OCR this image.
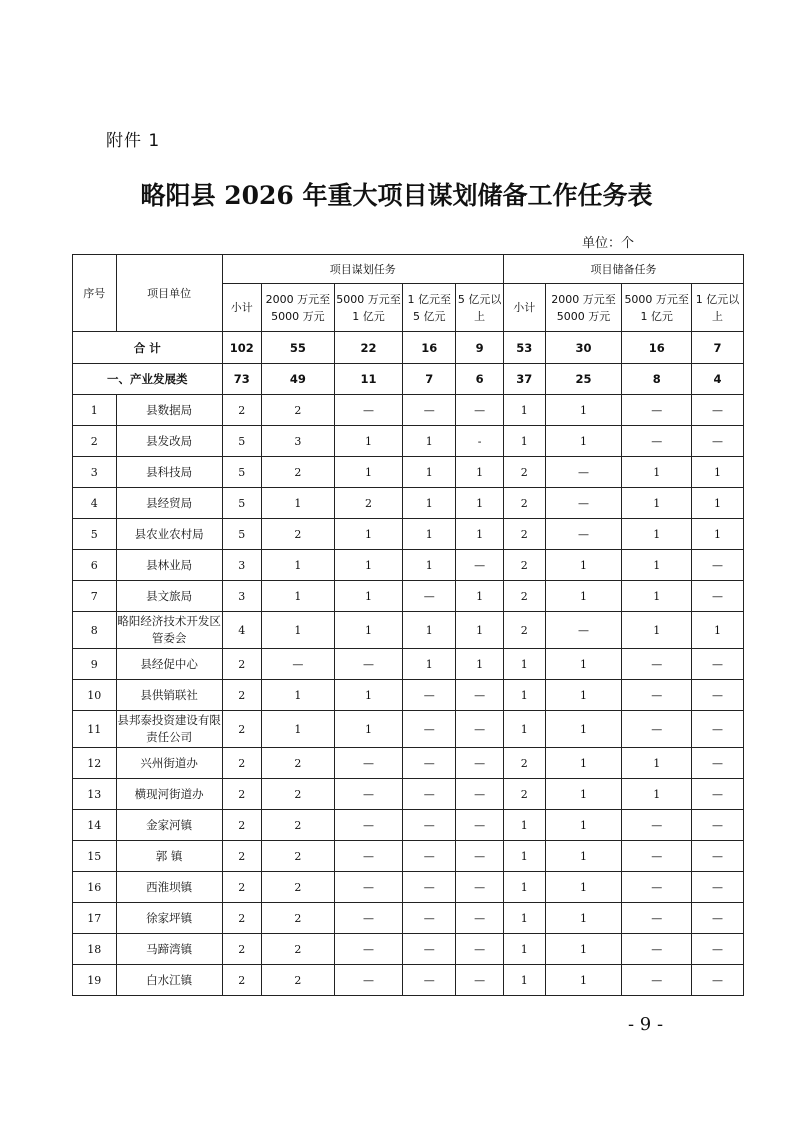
附件 1
略阳县 2026 年重大项目谋划储备工作任务表
单位：个
序号	项目单位	项目谋划任务					项目储备任务			
		小计	2000 万元至 5000 万元	5000 万元至 1 亿元	1 亿元至 5 亿元	5 亿元以上	小计	2000 万元至 5000 万元	5000 万元至 1 亿元	1 亿元以上
合 计		102	55	22	16	9	53	30	16	7
一、产业发展类		73	49	11	7	6	37	25	8	4
1	县数据局	2	2	—	—	—	1	1	—	—
2	县发改局	5	3	1	1	-	1	1	—	—
3	县科技局	5	2	1	1	1	2	—	1	1
4	县经贸局	5	1	2	1	1	2	—	1	1
5	县农业农村局	5	2	1	1	1	2	—	1	1
6	县林业局	3	1	1	1	—	2	1	1	—
7	县文旅局	3	1	1	—	1	2	1	1	—
8	略阳经济技术开发区管委会	4	1	1	1	1	2	—	1	1
9	县经促中心	2	—	—	1	1	1	1	—	—
10	县供销联社	2	1	1	—	—	1	1	—	—
11	县邦泰投资建设有限责任公司	2	1	1	—	—	1	1	—	—
12	兴州街道办	2	2	—	—	—	2	1	1	—
13	横现河街道办	2	2	—	—	—	2	1	1	—
14	金家河镇	2	2	—	—	—	1	1	—	—
15	郭 镇	2	2	—	—	—	1	1	—	—
16	西淮坝镇	2	2	—	—	—	1	1	—	—
17	徐家坪镇	2	2	—	—	—	1	1	—	—
18	马蹄湾镇	2	2	—	—	—	1	1	—	—
19	白水江镇	2	2	—	—	—	1	1	—	—
- 9 -
